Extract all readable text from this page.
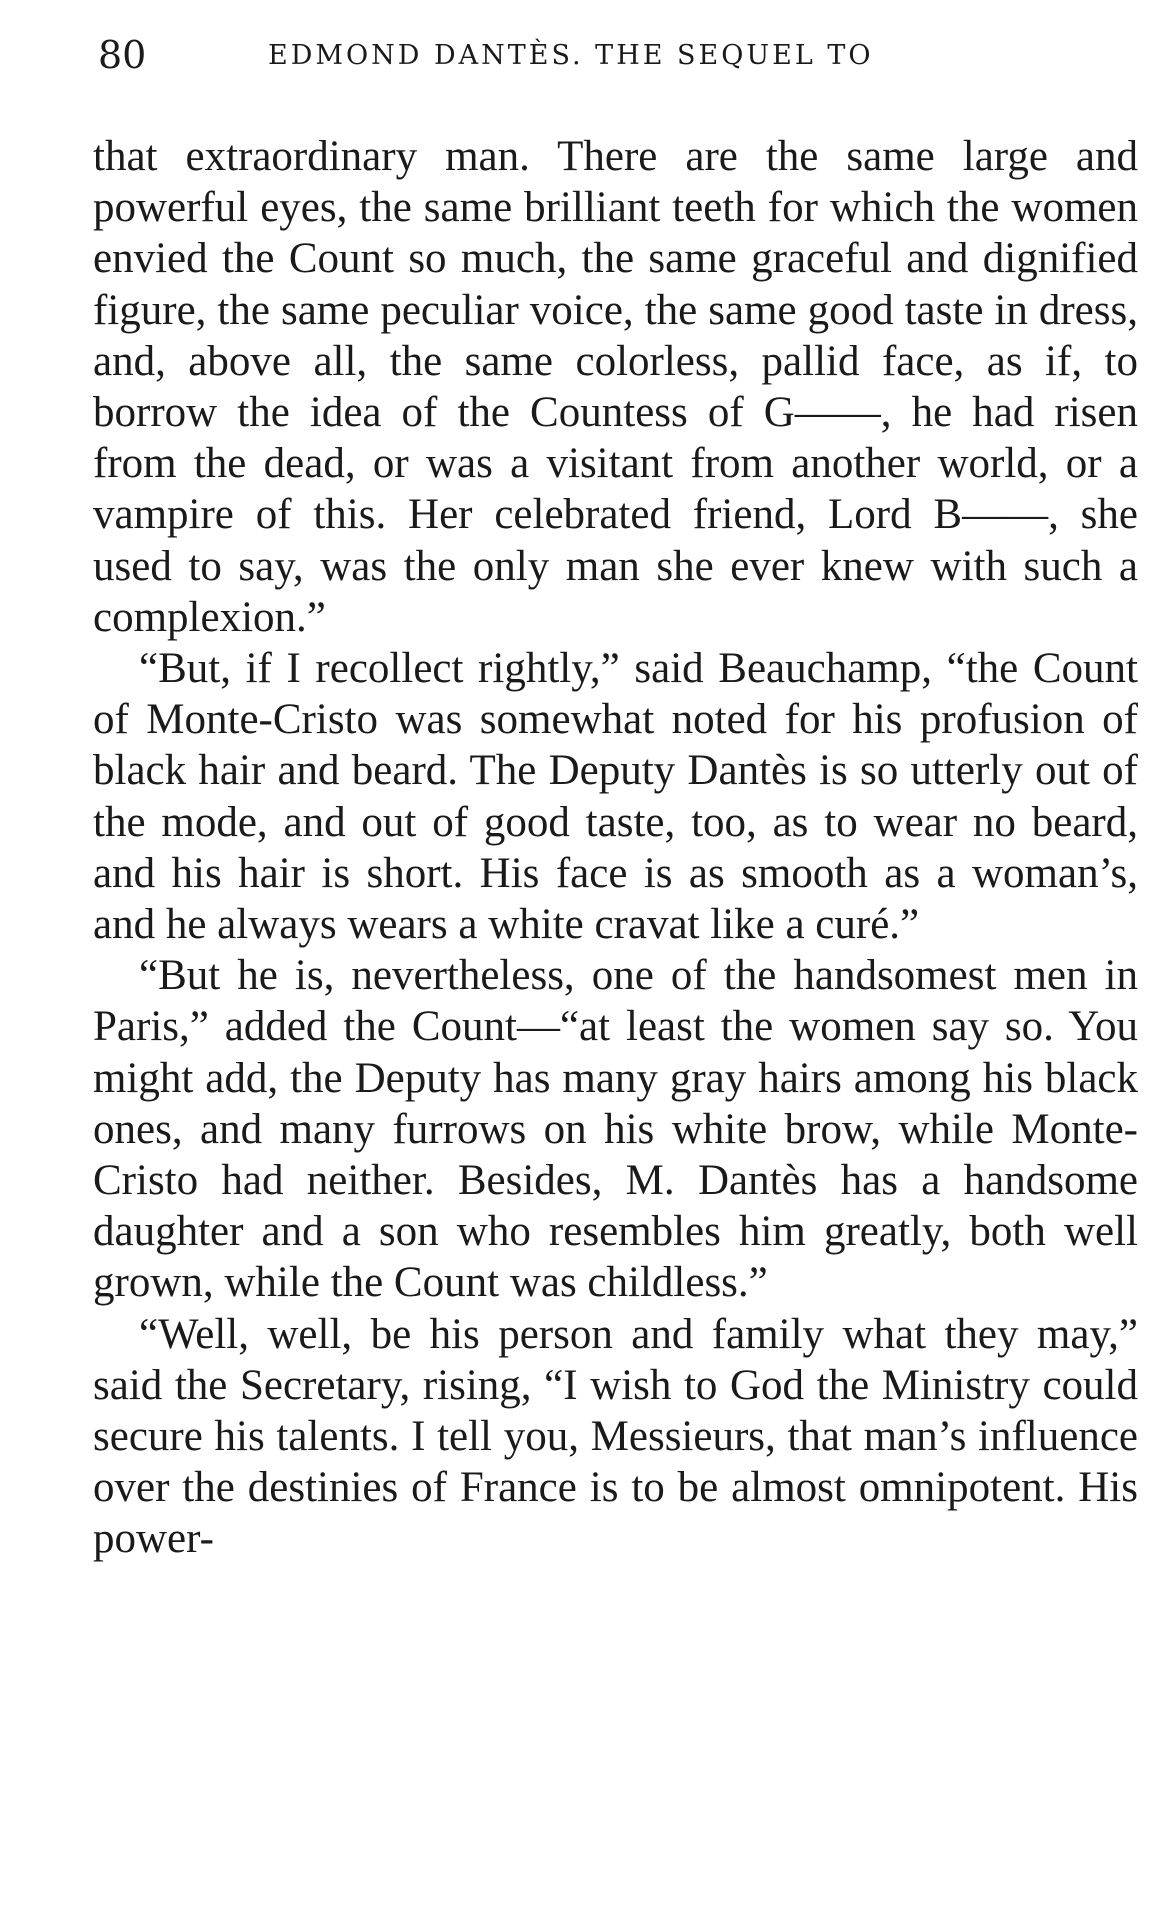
80	EDMOND DANTÈS. THE SEQUEL TO

that extraordinary man. There are the same large and powerful eyes, the same brilliant teeth for which the women envied the Count so much, the same graceful and dignified figure, the same peculiar voice, the same good taste in dress, and, above all, the same colorless, pallid face, as if, to borrow the idea of the Countess of G——, he had risen from the dead, or was a visitant from another world, or a vampire of this. Her celebrated friend, Lord B——, she used to say, was the only man she ever knew with such a complexion.”

“But, if I recollect rightly,” said Beauchamp, “the Count of Monte-Cristo was somewhat noted for his profusion of black hair and beard. The Deputy Dantès is so utterly out of the mode, and out of good taste, too, as to wear no beard, and his hair is short. His face is as smooth as a woman’s, and he always wears a white cravat like a curé.”

“But he is, nevertheless, one of the handsomest men in Paris,” added the Count—“at least the women say so. You might add, the Deputy has many gray hairs among his black ones, and many furrows on his white brow, while Monte-Cristo had neither. Besides, M. Dantès has a handsome daughter and a son who resembles him greatly, both well grown, while the Count was childless.”

“Well, well, be his person and family what they may,” said the Secretary, rising, “I wish to God the Ministry could secure his talents. I tell you, Messieurs, that man’s influence over the destinies of France is to be almost omnipotent. His power-
